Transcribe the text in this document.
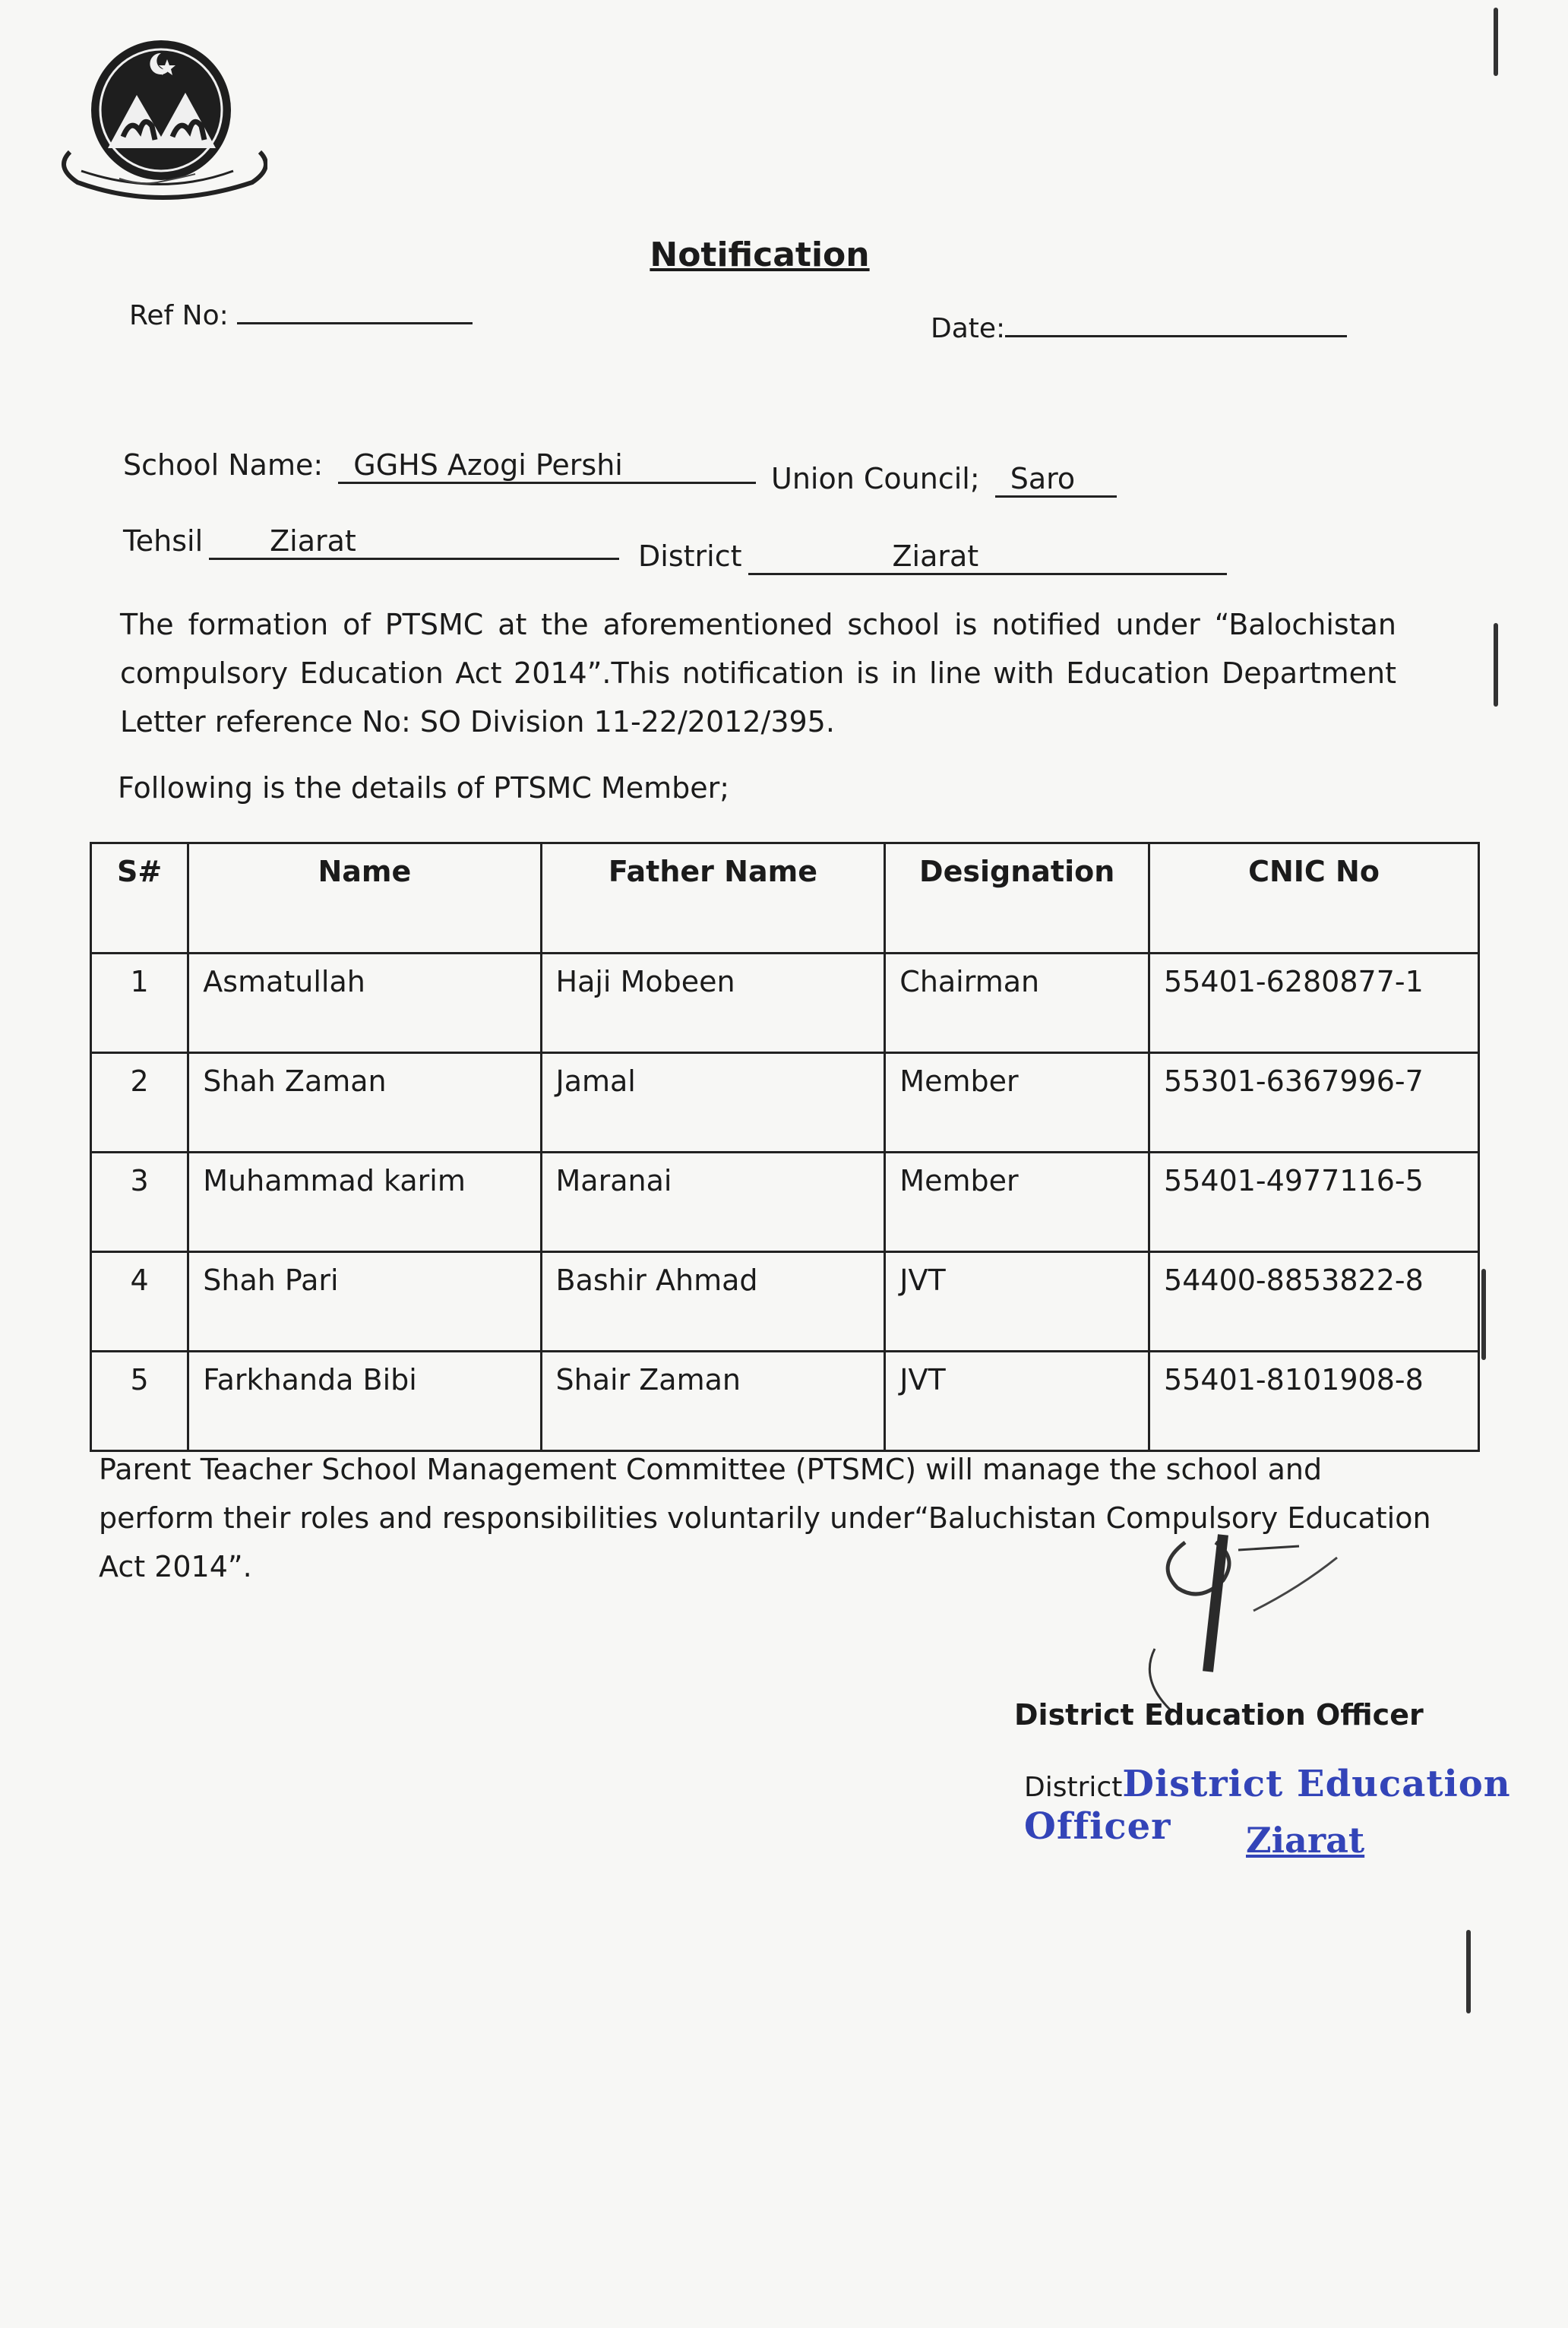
Notification
Ref No:	Date:
School Name: GGHS Azogi Pershi	Union Council; Saro
Tehsil Ziarat	District	Ziarat
The formation of PTSMC at the aforementioned school is notified under “Balochistan compulsory Education Act 2014”.This notification is in line with Education Department Letter reference No: SO Division 11-22/2012/395.
Following is the details of PTSMC Member;
S#	Name	Father Name	Designation	CNIC No
1	Asmatullah	Haji Mobeen	Chairman	55401-6280877-1
2	Shah Zaman	Jamal	Member	55301-6367996-7
3	Muhammad karim	Maranai	Member	55401-4977116-5
4	Shah Pari	Bashir Ahmad	JVT	54400-8853822-8
5	Farkhanda Bibi	Shair Zaman	JVT	55401-8101908-8
Parent Teacher School Management Committee (PTSMC) will manage the school and perform their roles and responsibilities voluntarily under“Baluchistan Compulsory Education Act 2014”.
District Education Officer
DistrictDistrict Education Officer	Ziarat
